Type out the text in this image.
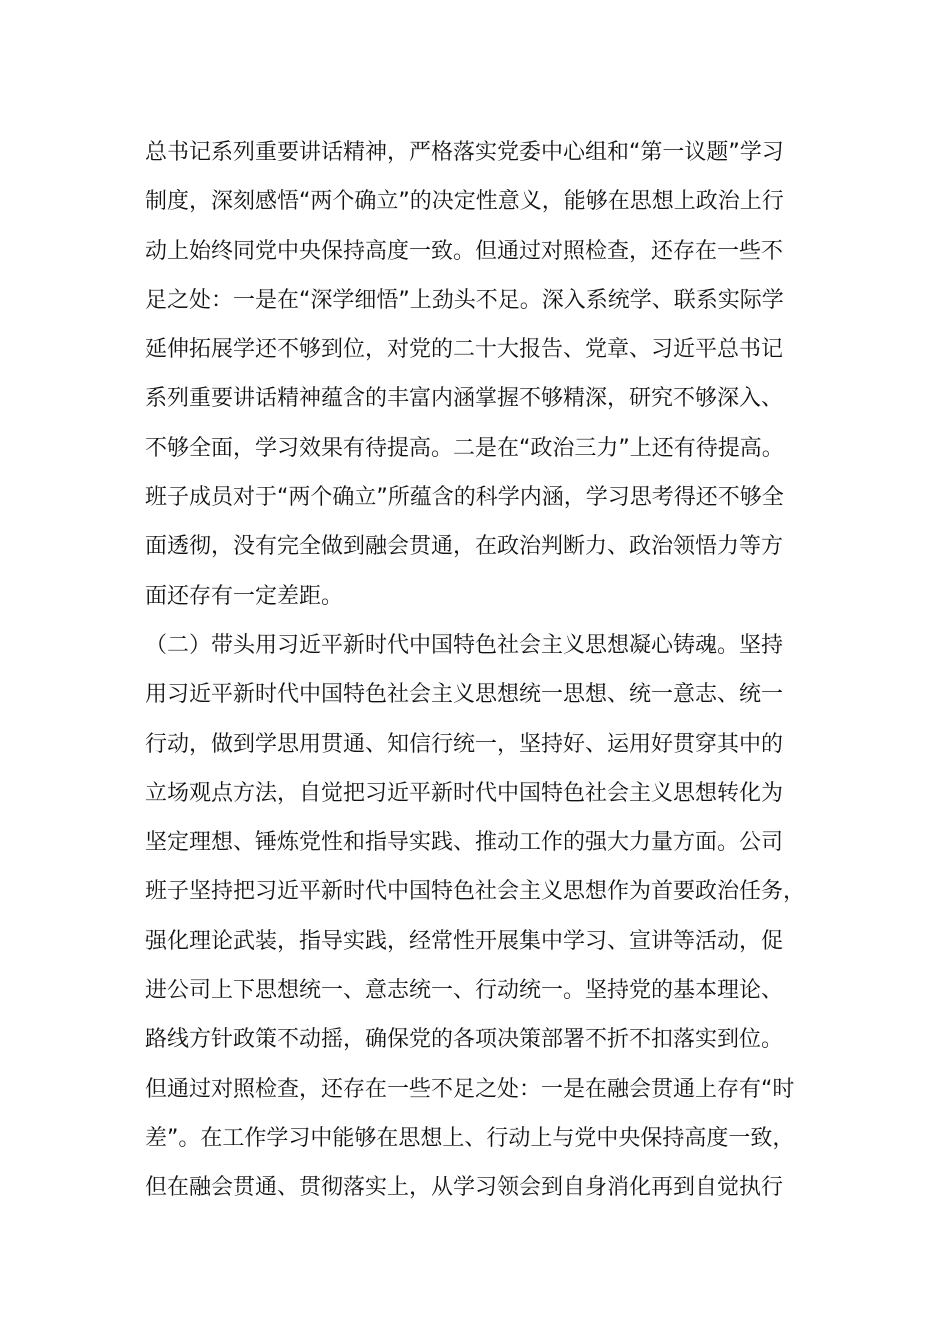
总书记系列重要讲话精神，严格落实党委中心组和“第一议题”学习
制度，深刻感悟“两个确立”的决定性意义，能够在思想上政治上行
动上始终同党中央保持高度一致。但通过对照检查，还存在一些不
足之处：一是在“深学细悟”上劲头不足。深入系统学、联系实际学
延伸拓展学还不够到位，对党的二十大报告、党章、习近平总书记
系列重要讲话精神蕴含的丰富内涵掌握不够精深，研究不够深入、
不够全面，学习效果有待提高。二是在“政治三力”上还有待提高。
班子成员对于“两个确立”所蕴含的科学内涵，学习思考得还不够全
面透彻，没有完全做到融会贯通，在政治判断力、政治领悟力等方
面还存有一定差距。
（二）带头用习近平新时代中国特色社会主义思想凝心铸魂。坚持
用习近平新时代中国特色社会主义思想统一思想、统一意志、统一
行动，做到学思用贯通、知信行统一，坚持好、运用好贯穿其中的
立场观点方法，自觉把习近平新时代中国特色社会主义思想转化为
坚定理想、锤炼党性和指导实践、推动工作的强大力量方面。公司
班子坚持把习近平新时代中国特色社会主义思想作为首要政治任务，
强化理论武装，指导实践，经常性开展集中学习、宣讲等活动，促
进公司上下思想统一、意志统一、行动统一。坚持党的基本理论、
路线方针政策不动摇，确保党的各项决策部署不折不扣落实到位。
但通过对照检查，还存在一些不足之处：一是在融会贯通上存有“时
差”。在工作学习中能够在思想上、行动上与党中央保持高度一致，
但在融会贯通、贯彻落实上，从学习领会到自身消化再到自觉执行
